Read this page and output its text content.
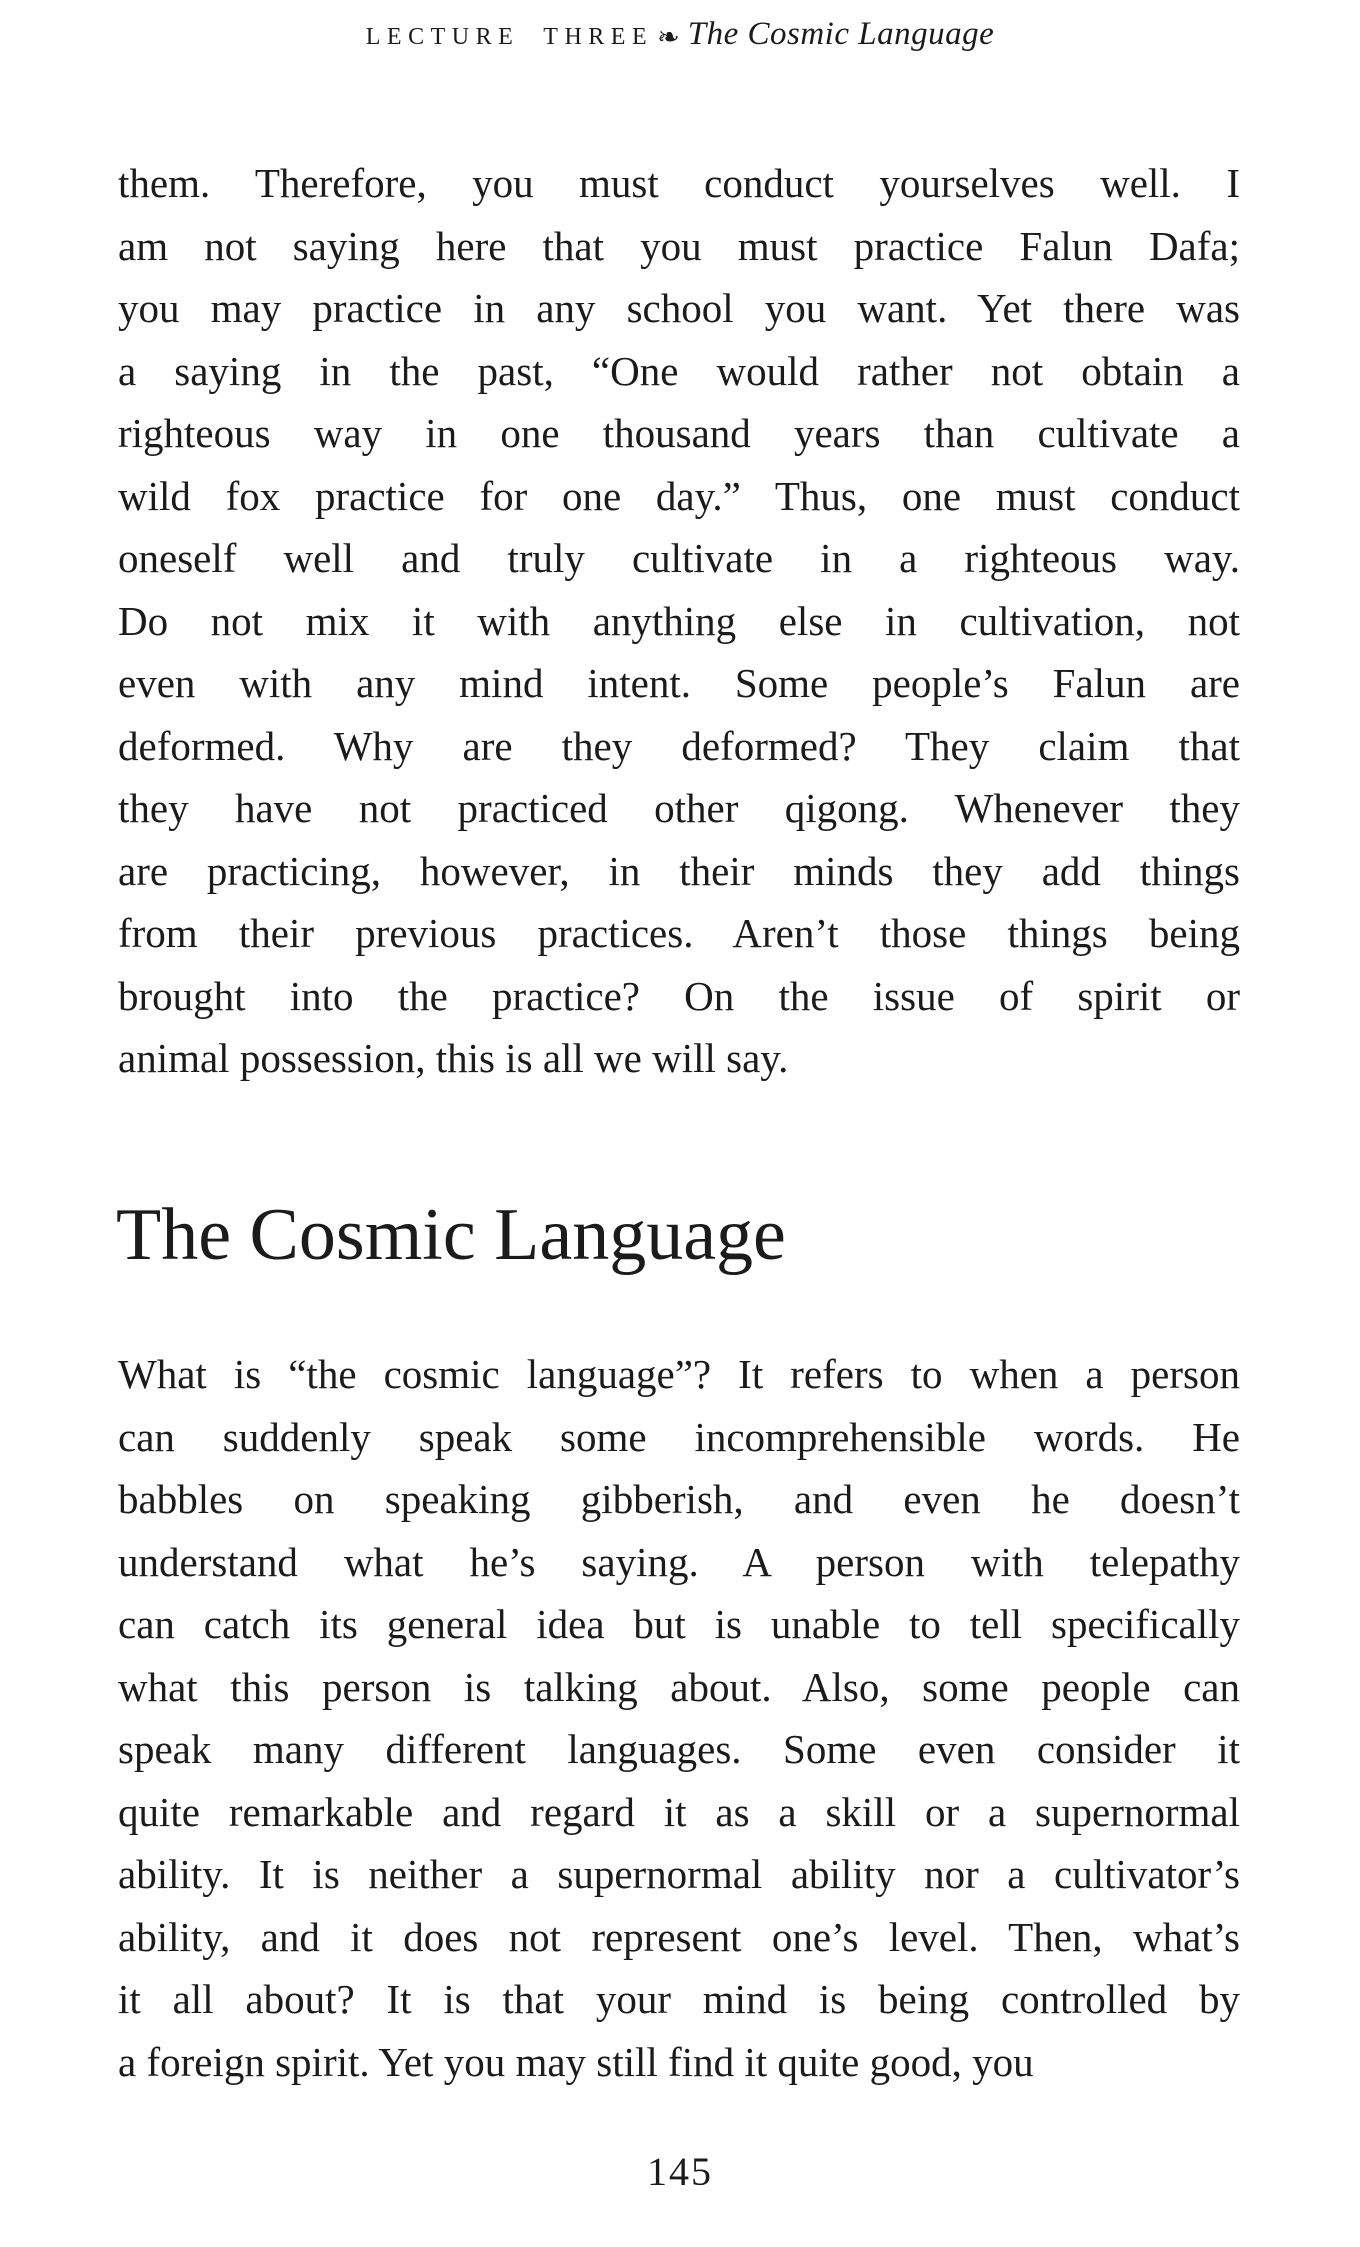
LECTURE THREE ❧ The Cosmic Language
them. Therefore, you must conduct yourselves well. I
am not saying here that you must practice Falun Dafa;
you may practice in any school you want. Yet there was
a saying in the past, “One would rather not obtain a
righteous way in one thousand years than cultivate a
wild fox practice for one day.” Thus, one must conduct
oneself well and truly cultivate in a righteous way.
Do not mix it with anything else in cultivation, not
even with any mind intent. Some people’s Falun are
deformed. Why are they deformed? They claim that
they have not practiced other qigong. Whenever they
are practicing, however, in their minds they add things
from their previous practices. Aren’t those things being
brought into the practice? On the issue of spirit or
animal possession, this is all we will say.
The Cosmic Language
What is “the cosmic language”? It refers to when a person
can suddenly speak some incomprehensible words. He
babbles on speaking gibberish, and even he doesn’t
understand what he’s saying. A person with telepathy
can catch its general idea but is unable to tell specifically
what this person is talking about. Also, some people can
speak many different languages. Some even consider it
quite remarkable and regard it as a skill or a supernormal
ability. It is neither a supernormal ability nor a cultivator’s
ability, and it does not represent one’s level. Then, what’s
it all about? It is that your mind is being controlled by
a foreign spirit. Yet you may still find it quite good, you
145
